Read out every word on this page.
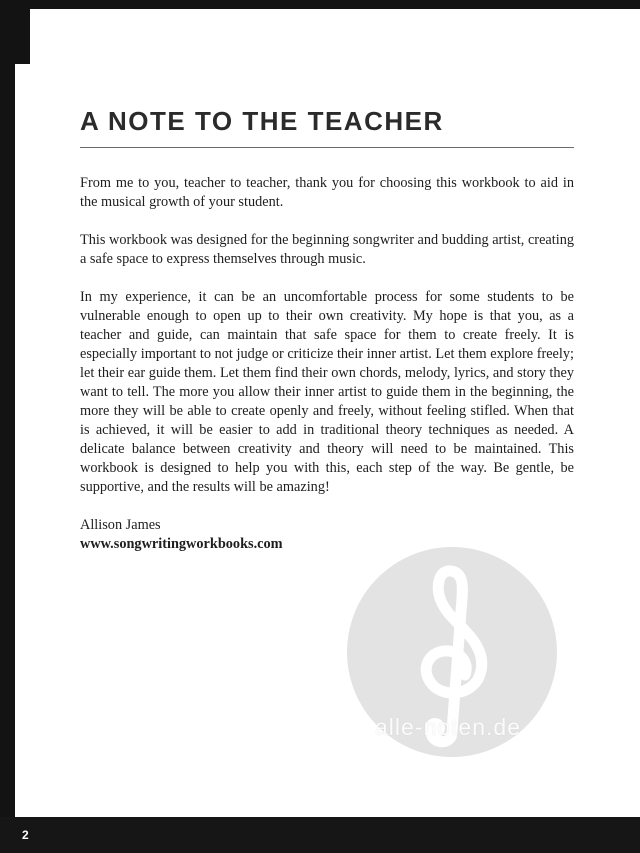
alle-noten.de
A NOTE TO THE TEACHER

From me to you, teacher to teacher, thank you for choosing this workbook to aid in the musical growth of your student.

This workbook was designed for the beginning songwriter and budding artist, creating a safe space to express themselves through music.

In my experience, it can be an uncomfortable process for some students to be vulnerable enough to open up to their own creativity. My hope is that you, as a teacher and guide, can maintain that safe space for them to create freely. It is especially important to not judge or criticize their inner artist. Let them explore freely; let their ear guide them. Let them find their own chords, melody, lyrics, and story they want to tell. The more you allow their inner artist to guide them in the beginning, the more they will be able to create openly and freely, without feeling stifled. When that is achieved, it will be easier to add in traditional theory techniques as needed. A delicate balance between creativity and theory will need to be maintained. This workbook is designed to help you with this, each step of the way. Be gentle, be supportive, and the results will be amazing!

Allison James
www.songwritingworkbooks.com
2
